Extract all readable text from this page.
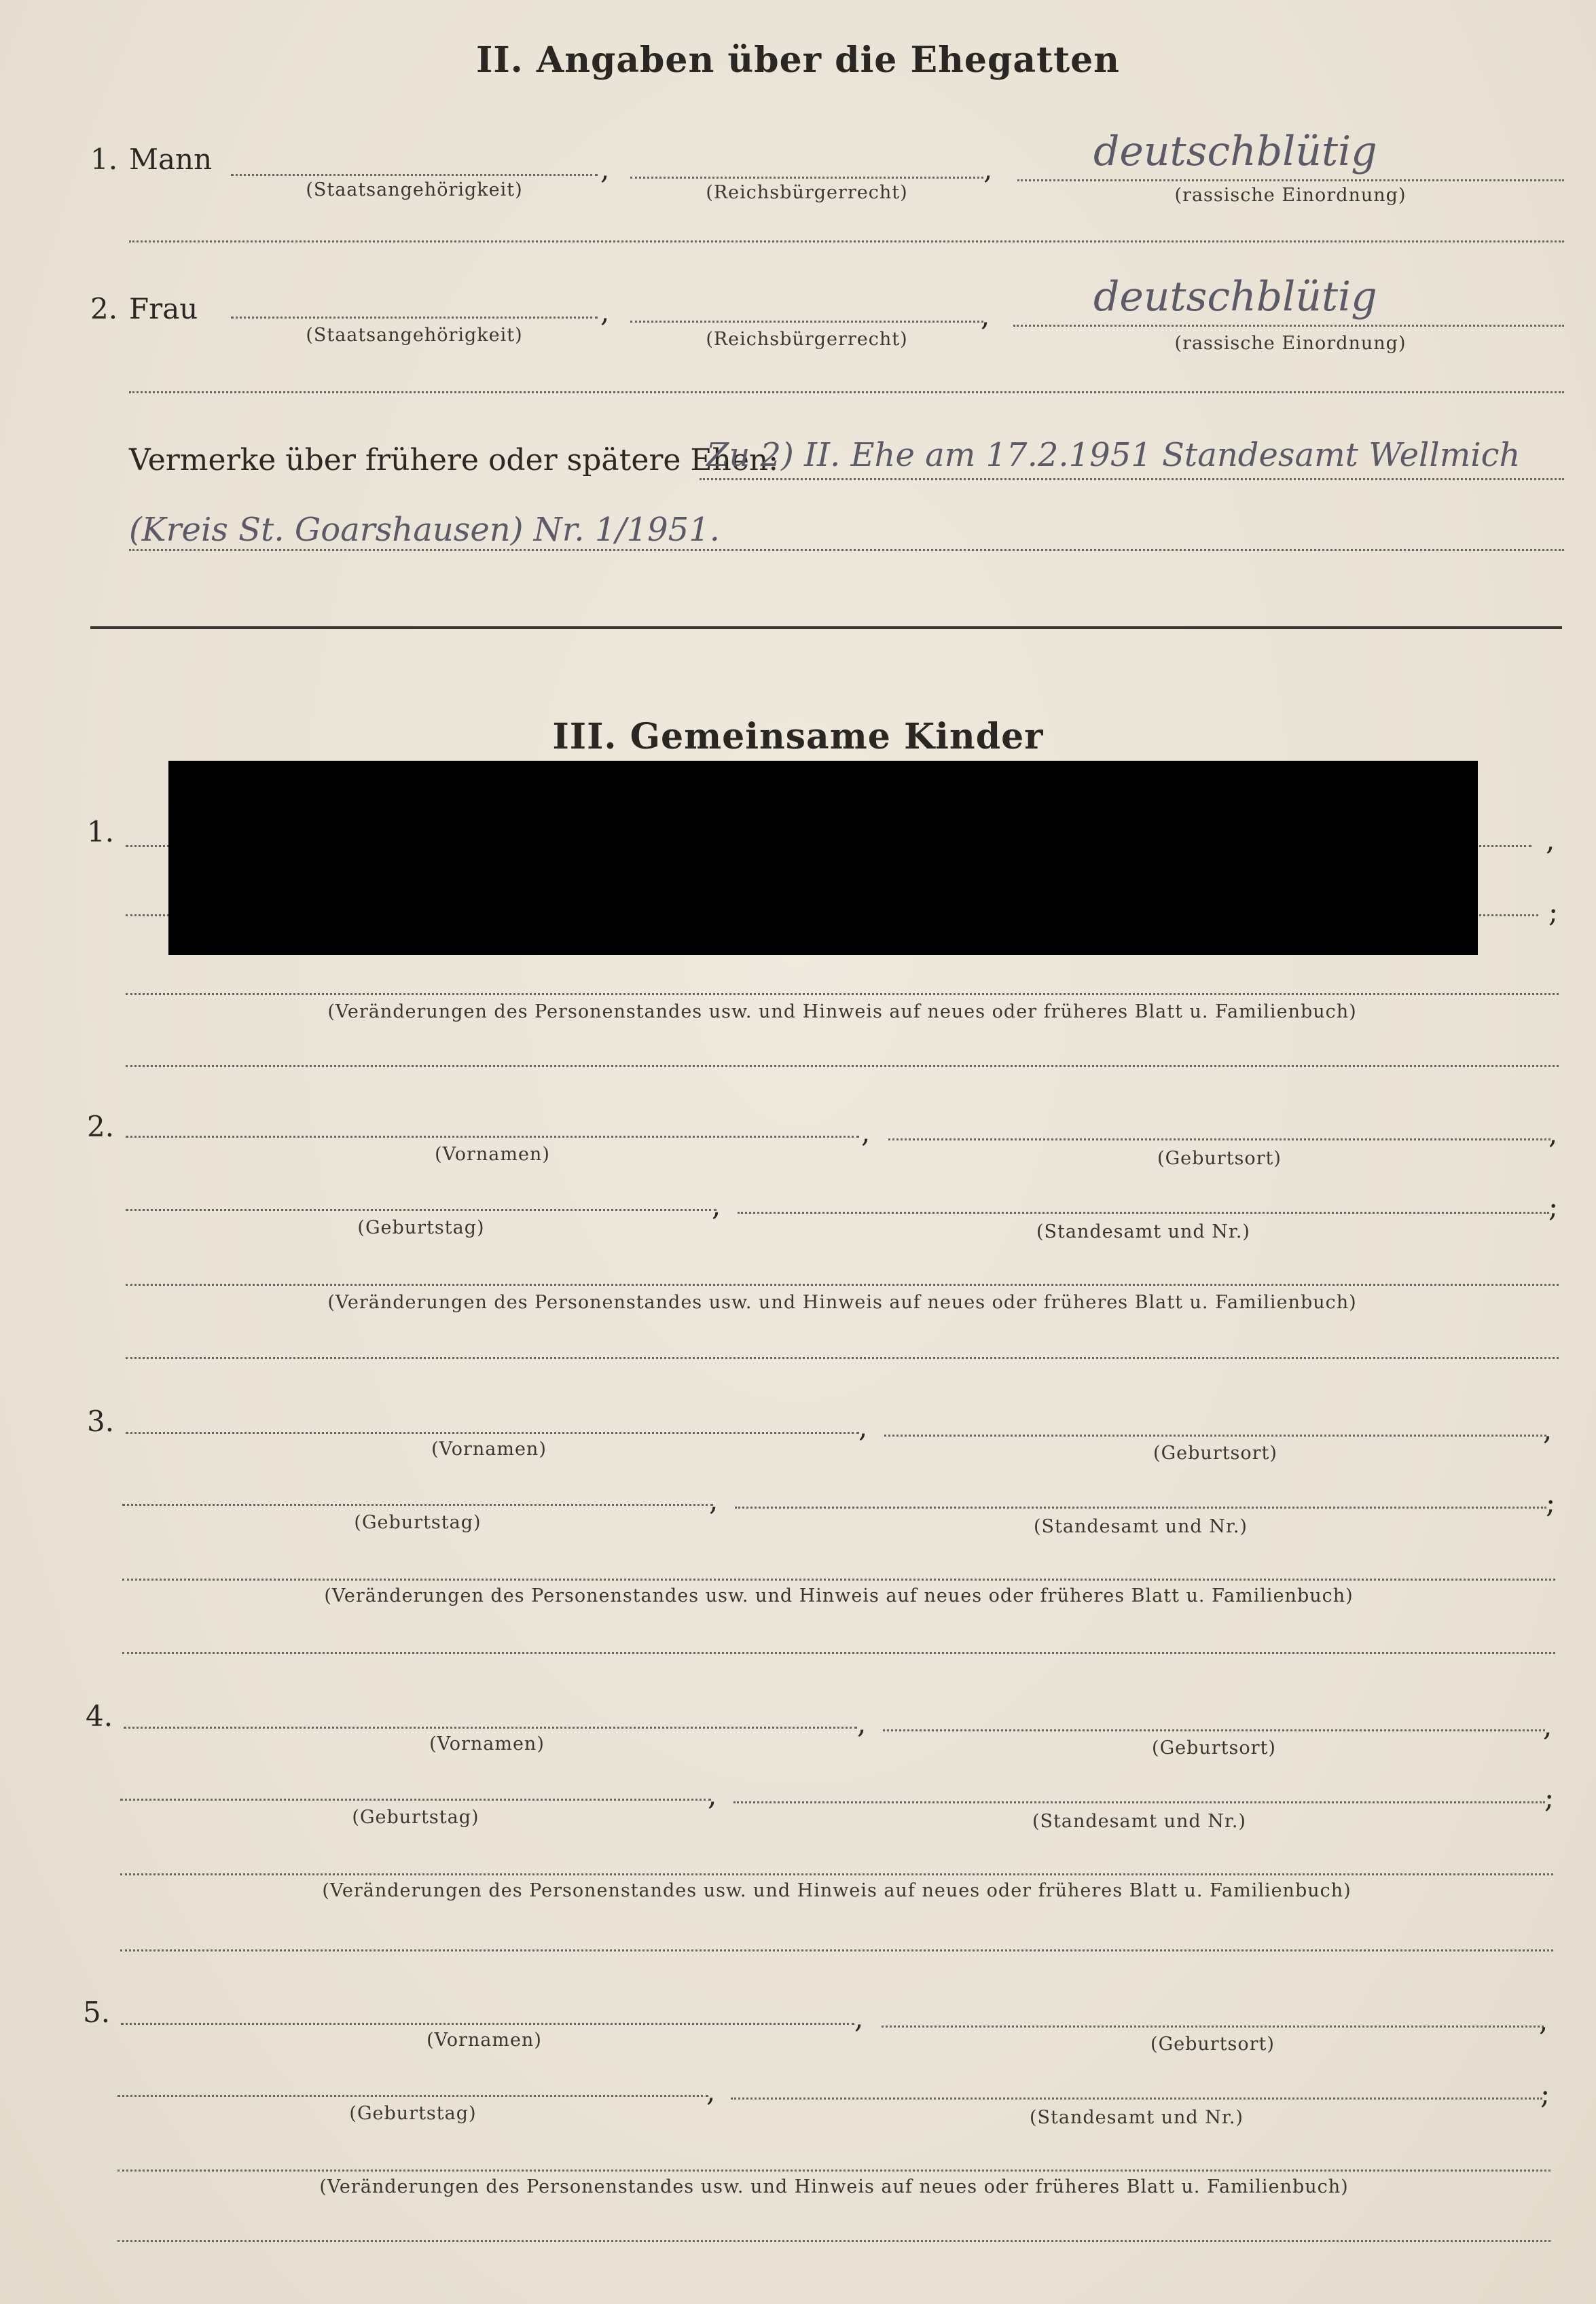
II. Angaben über die Ehegatten
1. Mann	,
(Staatsangehörigkeit)
,
(Reichsbürgerrecht)
deutschblütig
(rassische Einordnung)
2. Frau	,
(Staatsangehörigkeit)
,
(Reichsbürgerrecht)
deutschblütig
(rassische Einordnung)
Vermerke über frühere oder spätere Ehen:
Zu 2) II. Ehe am 17.2.1951 Standesamt Wellmich
(Kreis St. Goarshausen) Nr. 1/1951.
III. Gemeinsame Kinder
1.	,
;
(Veränderungen des Personenstandes usw. und Hinweis auf neues oder früheres Blatt u. Familienbuch)
2.	,
(Vornamen)
,
(Geburtsort)
,
(Geburtstag)
;
(Standesamt und Nr.)
(Veränderungen des Personenstandes usw. und Hinweis auf neues oder früheres Blatt u. Familienbuch)
3.	,
(Vornamen)
,
(Geburtsort)
,
(Geburtstag)
;
(Standesamt und Nr.)
(Veränderungen des Personenstandes usw. und Hinweis auf neues oder früheres Blatt u. Familienbuch)
4.	,
(Vornamen)
,
(Geburtsort)
,
(Geburtstag)
;
(Standesamt und Nr.)
(Veränderungen des Personenstandes usw. und Hinweis auf neues oder früheres Blatt u. Familienbuch)
5.	,
(Vornamen)
,
(Geburtsort)
,
(Geburtstag)
;
(Standesamt und Nr.)
(Veränderungen des Personenstandes usw. und Hinweis auf neues oder früheres Blatt u. Familienbuch)
